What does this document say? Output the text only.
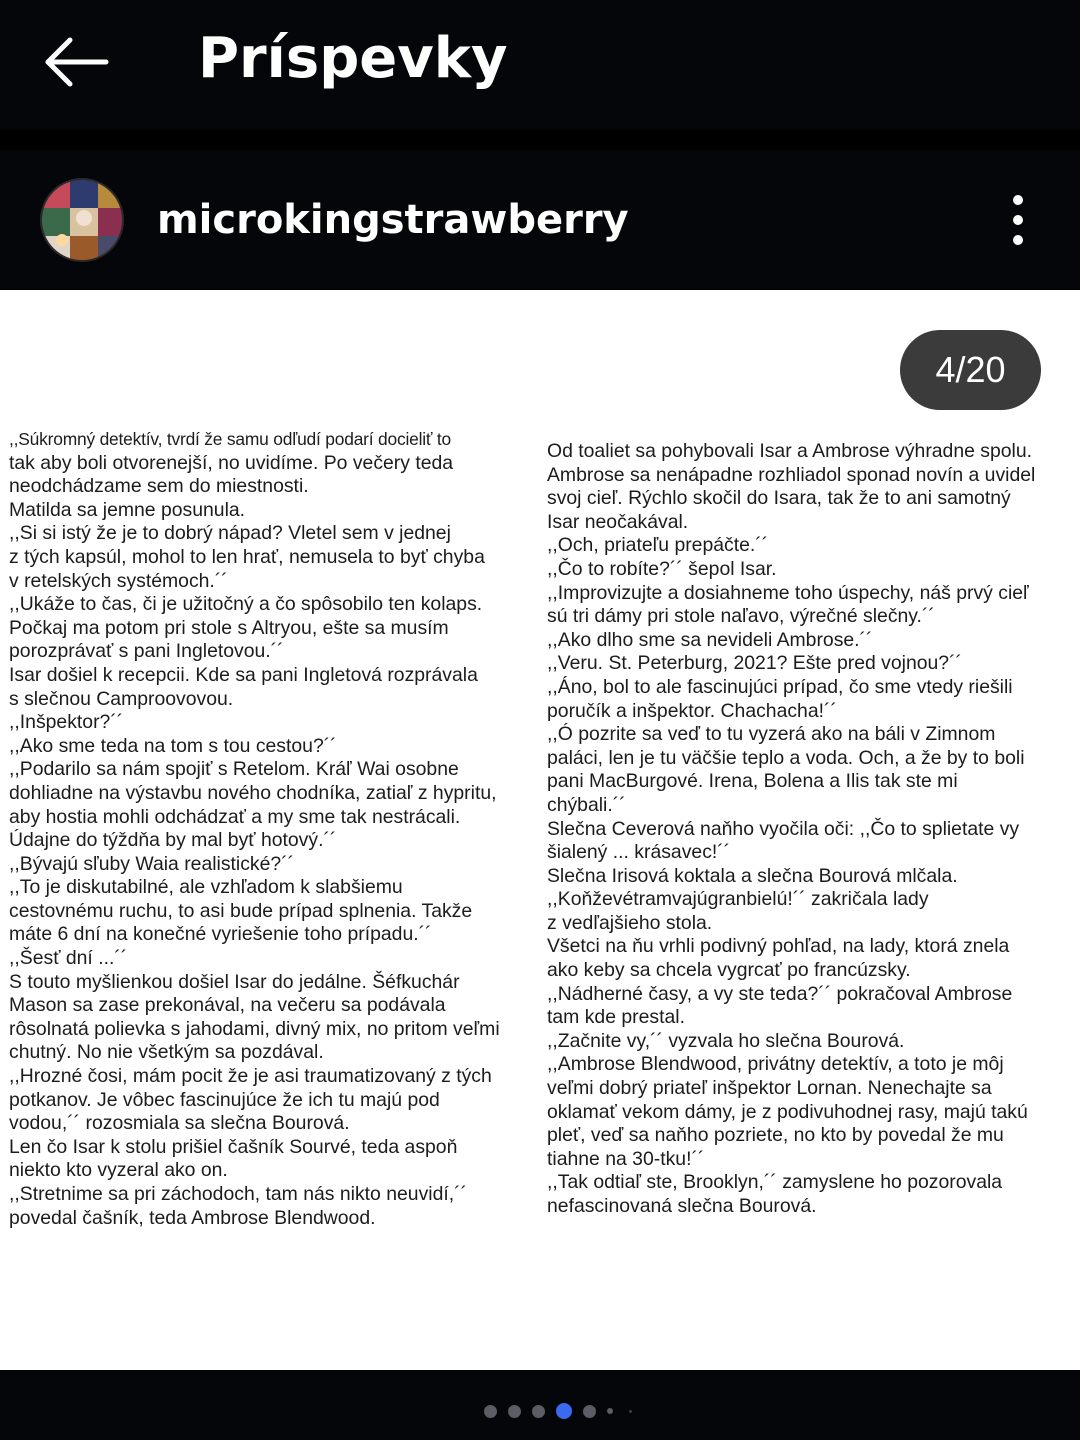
Príspevky
microkingstrawberry
4/20

,,Súkromný detektív, tvrdí že samu odľudí podarí docieliť to

tak aby boli otvorenejší, no uvidíme. Po večery teda

neodchádzame sem do miestnosti.

Matilda sa jemne posunula.

,,Si si istý že je to dobrý nápad? Vletel sem v jednej

z tých kapsúl, mohol to len hrať, nemusela to byť chyba

v retelských systémoch.´´

,,Ukáže to čas, či je užitočný a čo spôsobilo ten kolaps.

Počkaj ma potom pri stole s Altryou, ešte sa musím

porozprávať s pani Ingletovou.´´

Isar došiel k recepcii. Kde sa pani Ingletová rozprávala

s slečnou Camproovovou.

,,Inšpektor?´´

,,Ako sme teda na tom s tou cestou?´´

,,Podarilo sa nám spojiť s Retelom. Kráľ Wai osobne

dohliadne na výstavbu nového chodníka, zatiaľ z hypritu,

aby hostia mohli odchádzať a my sme tak nestrácali.

Údajne do týždňa by mal byť hotový.´´

,,Bývajú sľuby Waia realistické?´´

,,To je diskutabilné, ale vzhľadom k slabšiemu

cestovnému ruchu, to asi bude prípad splnenia. Takže

máte 6 dní na konečné vyriešenie toho prípadu.´´

,,Šesť dní ...´´

S touto myšlienkou došiel Isar do jedálne. Šéfkuchár

Mason sa zase prekonával, na večeru sa podávala

rôsolnatá polievka s jahodami, divný mix, no pritom veľmi

chutný. No nie všetkým sa pozdával.

,,Hrozné čosi, mám pocit že je asi traumatizovaný z tých

potkanov. Je vôbec fascinujúce že ich tu majú pod

vodou,´´ rozosmiala sa slečna Bourová.

Len čo Isar k stolu prišiel čašník Sourvé, teda aspoň

niekto kto vyzeral ako on.

,,Stretnime sa pri záchodoch, tam nás nikto neuvidí,´´

povedal čašník, teda Ambrose Blendwood.

Od toaliet sa pohybovali Isar a Ambrose výhradne spolu.

Ambrose sa nenápadne rozhliadol sponad novín a uvidel

svoj cieľ. Rýchlo skočil do Isara, tak že to ani samotný

Isar neočakával.

,,Och, priateľu prepáčte.´´

,,Čo to robíte?´´ šepol Isar.

,,Improvizujte a dosiahneme toho úspechy, náš prvý cieľ

sú tri dámy pri stole naľavo, výrečné slečny.´´

,,Ako dlho sme sa nevideli Ambrose.´´

,,Veru. St. Peterburg, 2021? Ešte pred vojnou?´´

,,Áno, bol to ale fascinujúci prípad, čo sme vtedy riešili

poručík a inšpektor. Chachacha!´´

,,Ó pozrite sa veď to tu vyzerá ako na báli v Zimnom

paláci, len je tu väčšie teplo a voda. Och, a že by to boli

pani MacBurgové. Irena, Bolena a Ilis tak ste mi

chýbali.´´

Slečna Ceverová naňho vyočila oči: ,,Čo to splietate vy

šialený ... krásavec!´´

Slečna Irisová koktala a slečna Bourová mlčala.

,,Koňževétramvajúgranbielú!´´ zakričala lady

z vedľajšieho stola.

Všetci na ňu vrhli podivný pohľad, na lady, ktorá znela

ako keby sa chcela vygrcať po francúzsky.

,,Nádherné časy, a vy ste teda?´´ pokračoval Ambrose

tam kde prestal.

,,Začnite vy,´´ vyzvala ho slečna Bourová.

,,Ambrose Blendwood, privátny detektív, a toto je môj

veľmi dobrý priateľ inšpektor Lornan. Nenechajte sa

oklamať vekom dámy, je z podivuhodnej rasy, majú takú

pleť, veď sa naňho pozriete, no kto by povedal že mu

tiahne na 30-tku!´´

,,Tak odtiaľ ste, Brooklyn,´´ zamyslene ho pozorovala

nefascinovaná slečna Bourová.
